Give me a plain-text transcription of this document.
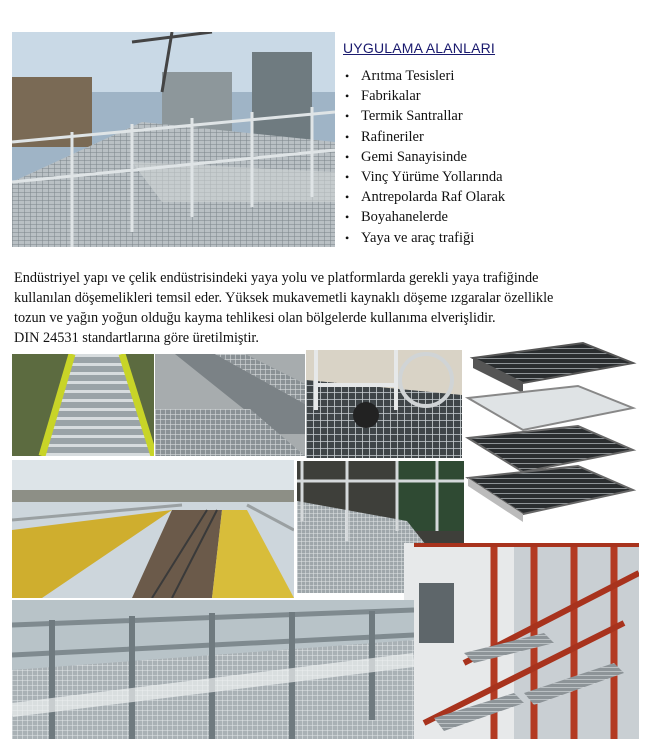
UYGULAMA ALANLARI
• Arıtma Tesisleri
• Fabrikalar
• Termik Santrallar
• Rafineriler
• Gemi Sanayisinde
• Vinç Yürüme Yollarında
• Antrepolarda Raf Olarak
• Boyahanelerde
• Yaya ve araç trafiği
Endüstriyel yapı ve çelik endüstrisindeki yaya yolu ve platformlarda gerekli yaya trafiğinde
kullanılan döşemelikleri temsil eder. Yüksek mukavemetli kaynaklı döşeme ızgaralar özellikle
tozun ve yağın yoğun olduğu kayma tehlikesi olan bölgelerde kullanıma elverişlidir.
DIN 24531 standartlarına göre üretilmiştir.
